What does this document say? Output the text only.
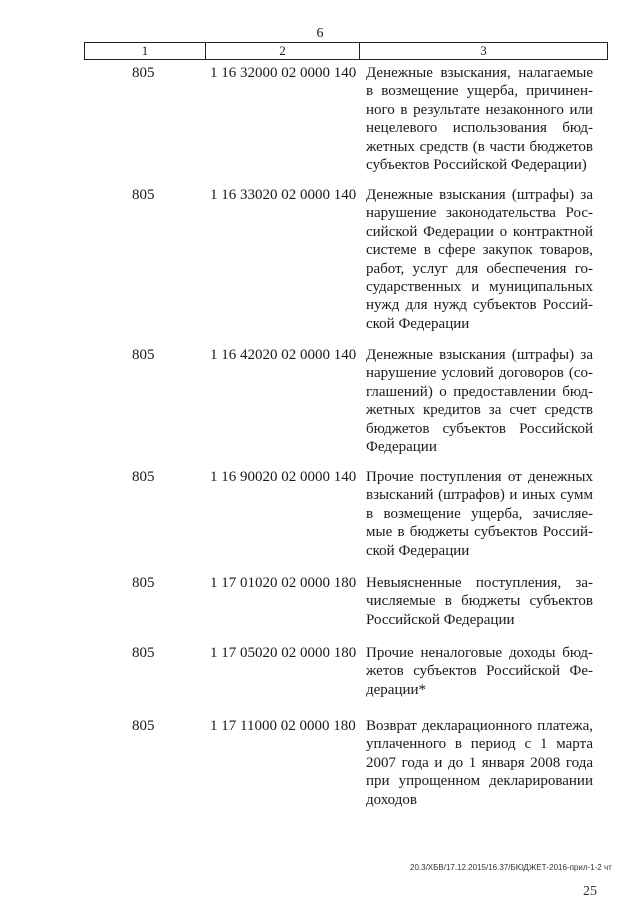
6
1	2	3
805	1 16 32000 02 0000 140 Денежные взыскания, налагаемые
в возмещение ущерба, причинен-
ного в результате незаконного или
нецелевого использования бюд-
жетных средств (в части бюджетов
субъектов Российской Федерации)
805	1 16 33020 02 0000 140 Денежные взыскания (штрафы) за
нарушение законодательства Рос-
сийской Федерации о контрактной
системе в сфере закупок товаров,
работ, услуг для обеспечения го-
сударственных и муниципальных
нужд для нужд субъектов Россий-
ской Федерации
805	1 16 42020 02 0000 140 Денежные взыскания (штрафы) за
нарушение условий договоров (со-
глашений) о предоставлении бюд-
жетных кредитов за счет средств
бюджетов субъектов Российской
Федерации
805	1 16 90020 02 0000 140 Прочие поступления от денежных
взысканий (штрафов) и иных сумм
в возмещение ущерба, зачисляе-
мые в бюджеты субъектов Россий-
ской Федерации
805	1 17 01020 02 0000 180 Невыясненные поступления, за-
числяемые в бюджеты субъектов
Российской Федерации
805	1 17 05020 02 0000 180 Прочие неналоговые доходы бюд-
жетов субъектов Российской Фе-
дерации*
805	1 17 11000 02 0000 180 Возврат декларационного платежа,
уплаченного в период с 1 марта
2007 года и до 1 января 2008 года
при упрощенном декларировании
доходов
20.3/ХБВ/17.12.2015/16.37/БЮДЖЕТ-2016-прил-1-2 чт
25
